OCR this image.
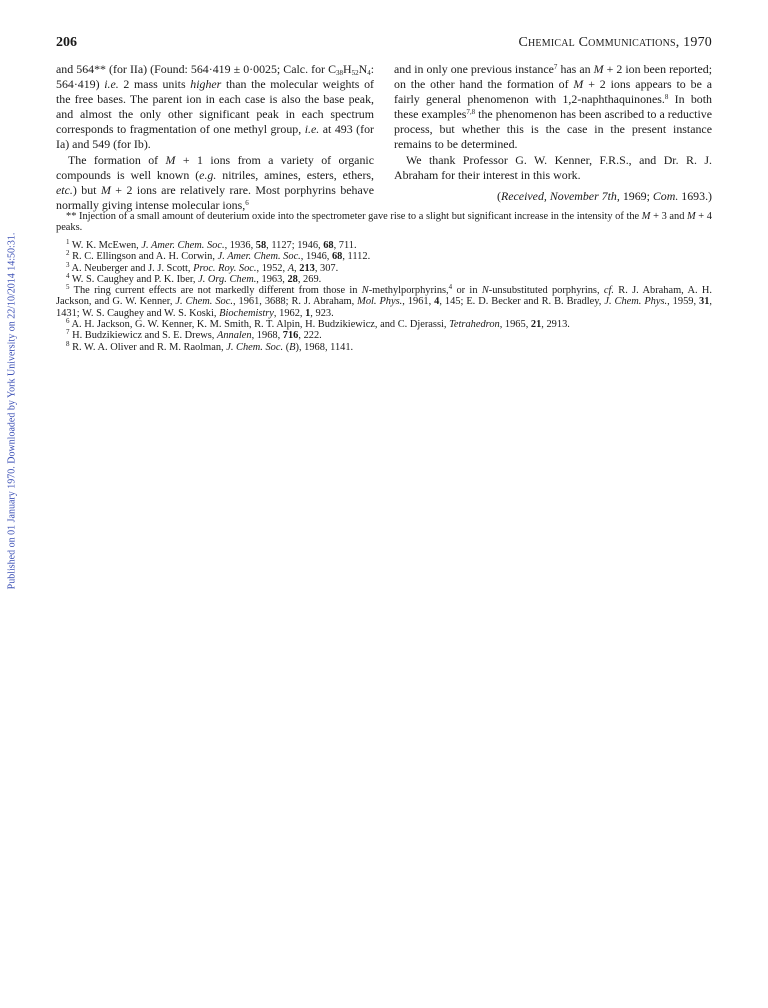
Published on 01 January 1970. Downloaded by York University on 22/10/2014 14:50:31.
206	Chemical Communications, 1970

and 564** (for IIa) (Found: 564·419 ± 0·0025; Calc. for $C_{38}H_{52}N_4$: 564·419) i.e. 2 mass units higher than the molecular weights of the free bases. The parent ion in each case is also the base peak, and almost the only other significant peak in each spectrum corresponds to fragmentation of one methyl group, i.e. at 493 (for Ia) and 549 (for Ib).

The formation of M + 1 ions from a variety of organic compounds is well known (e.g. nitriles, amines, esters, ethers, etc.) but M + 2 ions are relatively rare. Most porphyrins behave normally giving intense molecular ions,$^6$

and in only one previous instance$^7$ has an M + 2 ion been reported; on the other hand the formation of M + 2 ions appears to be a fairly general phenomenon with 1,2-naphthaquinones.$^8$ In both these examples$^{7,8}$ the phenomenon has been ascribed to a reductive process, but whether this is the case in the present instance remains to be determined.

We thank Professor G. W. Kenner, F.R.S., and Dr. R. J. Abraham for their interest in this work.

(Received, November 7th, 1969; Com. 1693.)

** Injection of a small amount of deuterium oxide into the spectrometer gave rise to a slight but significant increase in the intensity of the M + 3 and M + 4 peaks.

$^1$ W. K. McEwen, J. Amer. Chem. Soc., 1936, 58, 1127; 1946, 68, 711.

$^2$ R. C. Ellingson and A. H. Corwin, J. Amer. Chem. Soc., 1946, 68, 1112.

$^3$ A. Neuberger and J. J. Scott, Proc. Roy. Soc., 1952, A, 213, 307.

$^4$ W. S. Caughey and P. K. Iber, J. Org. Chem., 1963, 28, 269.

$^5$ The ring current effects are not markedly different from those in N-methylporphyrins,$^4$ or in N-unsubstituted porphyrins, cf. R. J. Abraham, A. H. Jackson, and G. W. Kenner, J. Chem. Soc., 1961, 3688; R. J. Abraham, Mol. Phys., 1961, 4, 145; E. D. Becker and R. B. Bradley, J. Chem. Phys., 1959, 31, 1431; W. S. Caughey and W. S. Koski, Biochemistry, 1962, 1, 923.

$^6$ A. H. Jackson, G. W. Kenner, K. M. Smith, R. T. Alpin, H. Budzikiewicz, and C. Djerassi, Tetrahedron, 1965, 21, 2913.

$^7$ H. Budzikiewicz and S. E. Drews, Annalen, 1968, 716, 222.

$^8$ R. W. A. Oliver and R. M. Raolman, J. Chem. Soc. (B), 1968, 1141.
